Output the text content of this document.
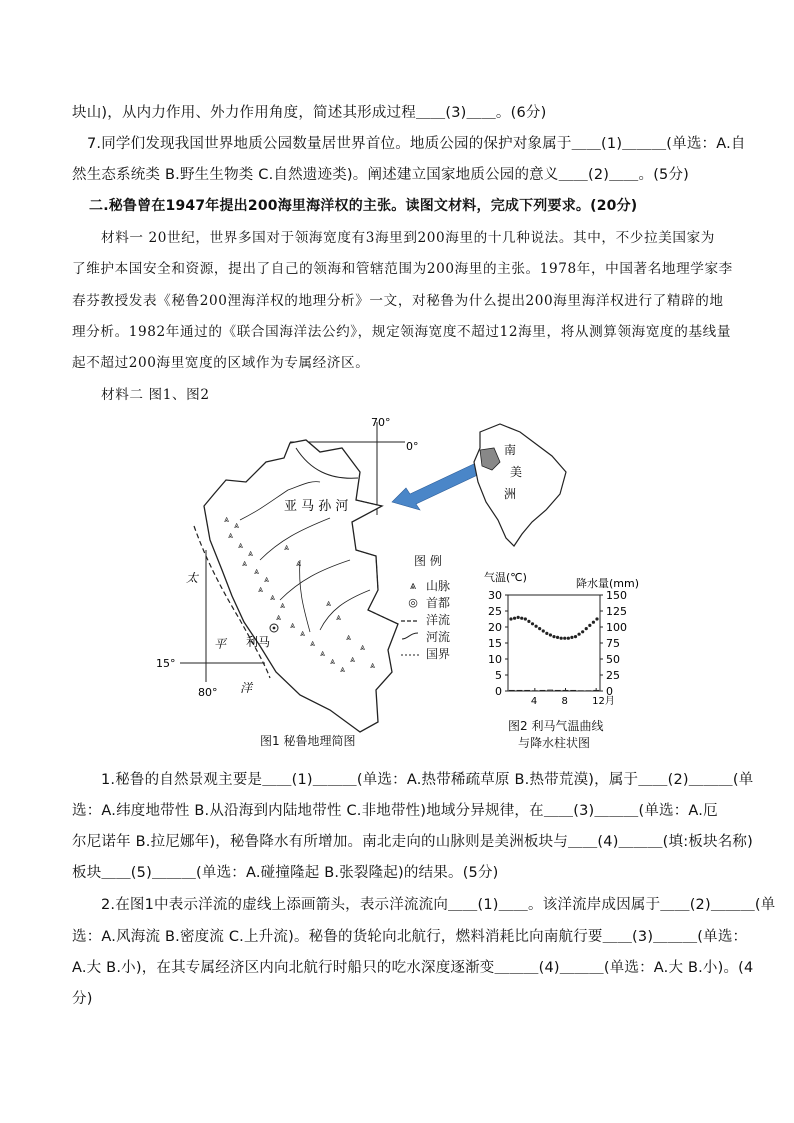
块山)，从内力作用、外力作用角度，简述其形成过程＿＿(3)＿＿。(6分)
7.同学们发现我国世界地质公园数量居世界首位。地质公园的保护对象属于＿＿(1)＿＿＿(单选：A.自
然生态系统类 B.野生生物类 C.自然遗迹类)。阐述建立国家地质公园的意义＿＿(2)＿＿。(5分)
二.秘鲁曾在1947年提出200海里海洋权的主张。读图文材料，完成下列要求。(20分)
材料一 20世纪，世界多国对于领海宽度有3海里到200海里的十几种说法。其中，不少拉美国家为
了维护本国安全和资源，提出了自己的领海和管辖范围为200海里的主张。1978年，中国著名地理学家李
春芬教授发表《秘鲁200浬海洋权的地理分析》一文，对秘鲁为什么提出200海里海洋权进行了精辟的地
理分析。1982年通过的《联合国海洋法公约》，规定领海宽度不超过12海里，将从测算领海宽度的基线量
起不超过200海里宽度的区域作为专属经济区。
材料二 图1、图2
1.秘鲁的自然景观主要是＿＿(1)＿＿＿(单选：A.热带稀疏草原 B.热带荒漠)，属于＿＿(2)＿＿＿(单
选：A.纬度地带性 B.从沿海到内陆地带性 C.非地带性)地域分异规律，在＿＿(3)＿＿＿(单选：A.厄
尔尼诺年 B.拉尼娜年)，秘鲁降水有所增加。南北走向的山脉则是美洲板块与＿＿(4)＿＿＿(填:板块名称)
板块＿＿(5)＿＿＿(单选：A.碰撞隆起 B.张裂隆起)的结果。(5分)
2.在图1中表示洋流的虚线上添画箭头，表示洋流流向＿＿(1)＿＿。该洋流岸成因属于＿＿(2)＿＿＿(单
选：A.风海流 B.密度流 C.上升流)。秘鲁的货轮向北航行，燃料消耗比向南航行要＿＿(3)＿＿＿(单选：
A.大 B.小)，在其专属经济区内向北航行时船只的吃水深度逐渐变＿＿＿(4)＿＿＿(单选：A.大 B.小)。(4
分)
70°
0°
15°
80°
⩓
⩓
⩓
⩓
⩓
⩓
⩓
⩓
⩓
⩓
⩓
⩓
⩓
⩓
⩓
⩓
⩓
⩓
⩓
⩓
⩓
⩓
⩓
⩓
⩓
⩓
利马
亚 马 孙 河
太
平
洋
南
美
洲
图1 秘鲁地理简图
图 例
⩓ 山脉
◎ 首都
洋流
河流
国界
气温(℃)	降水量(mm)
30
25
20
15
10
5
0
150
125
100
75
50
25
0
4 8 12月
图2 利马气温曲线
与降水柱状图
